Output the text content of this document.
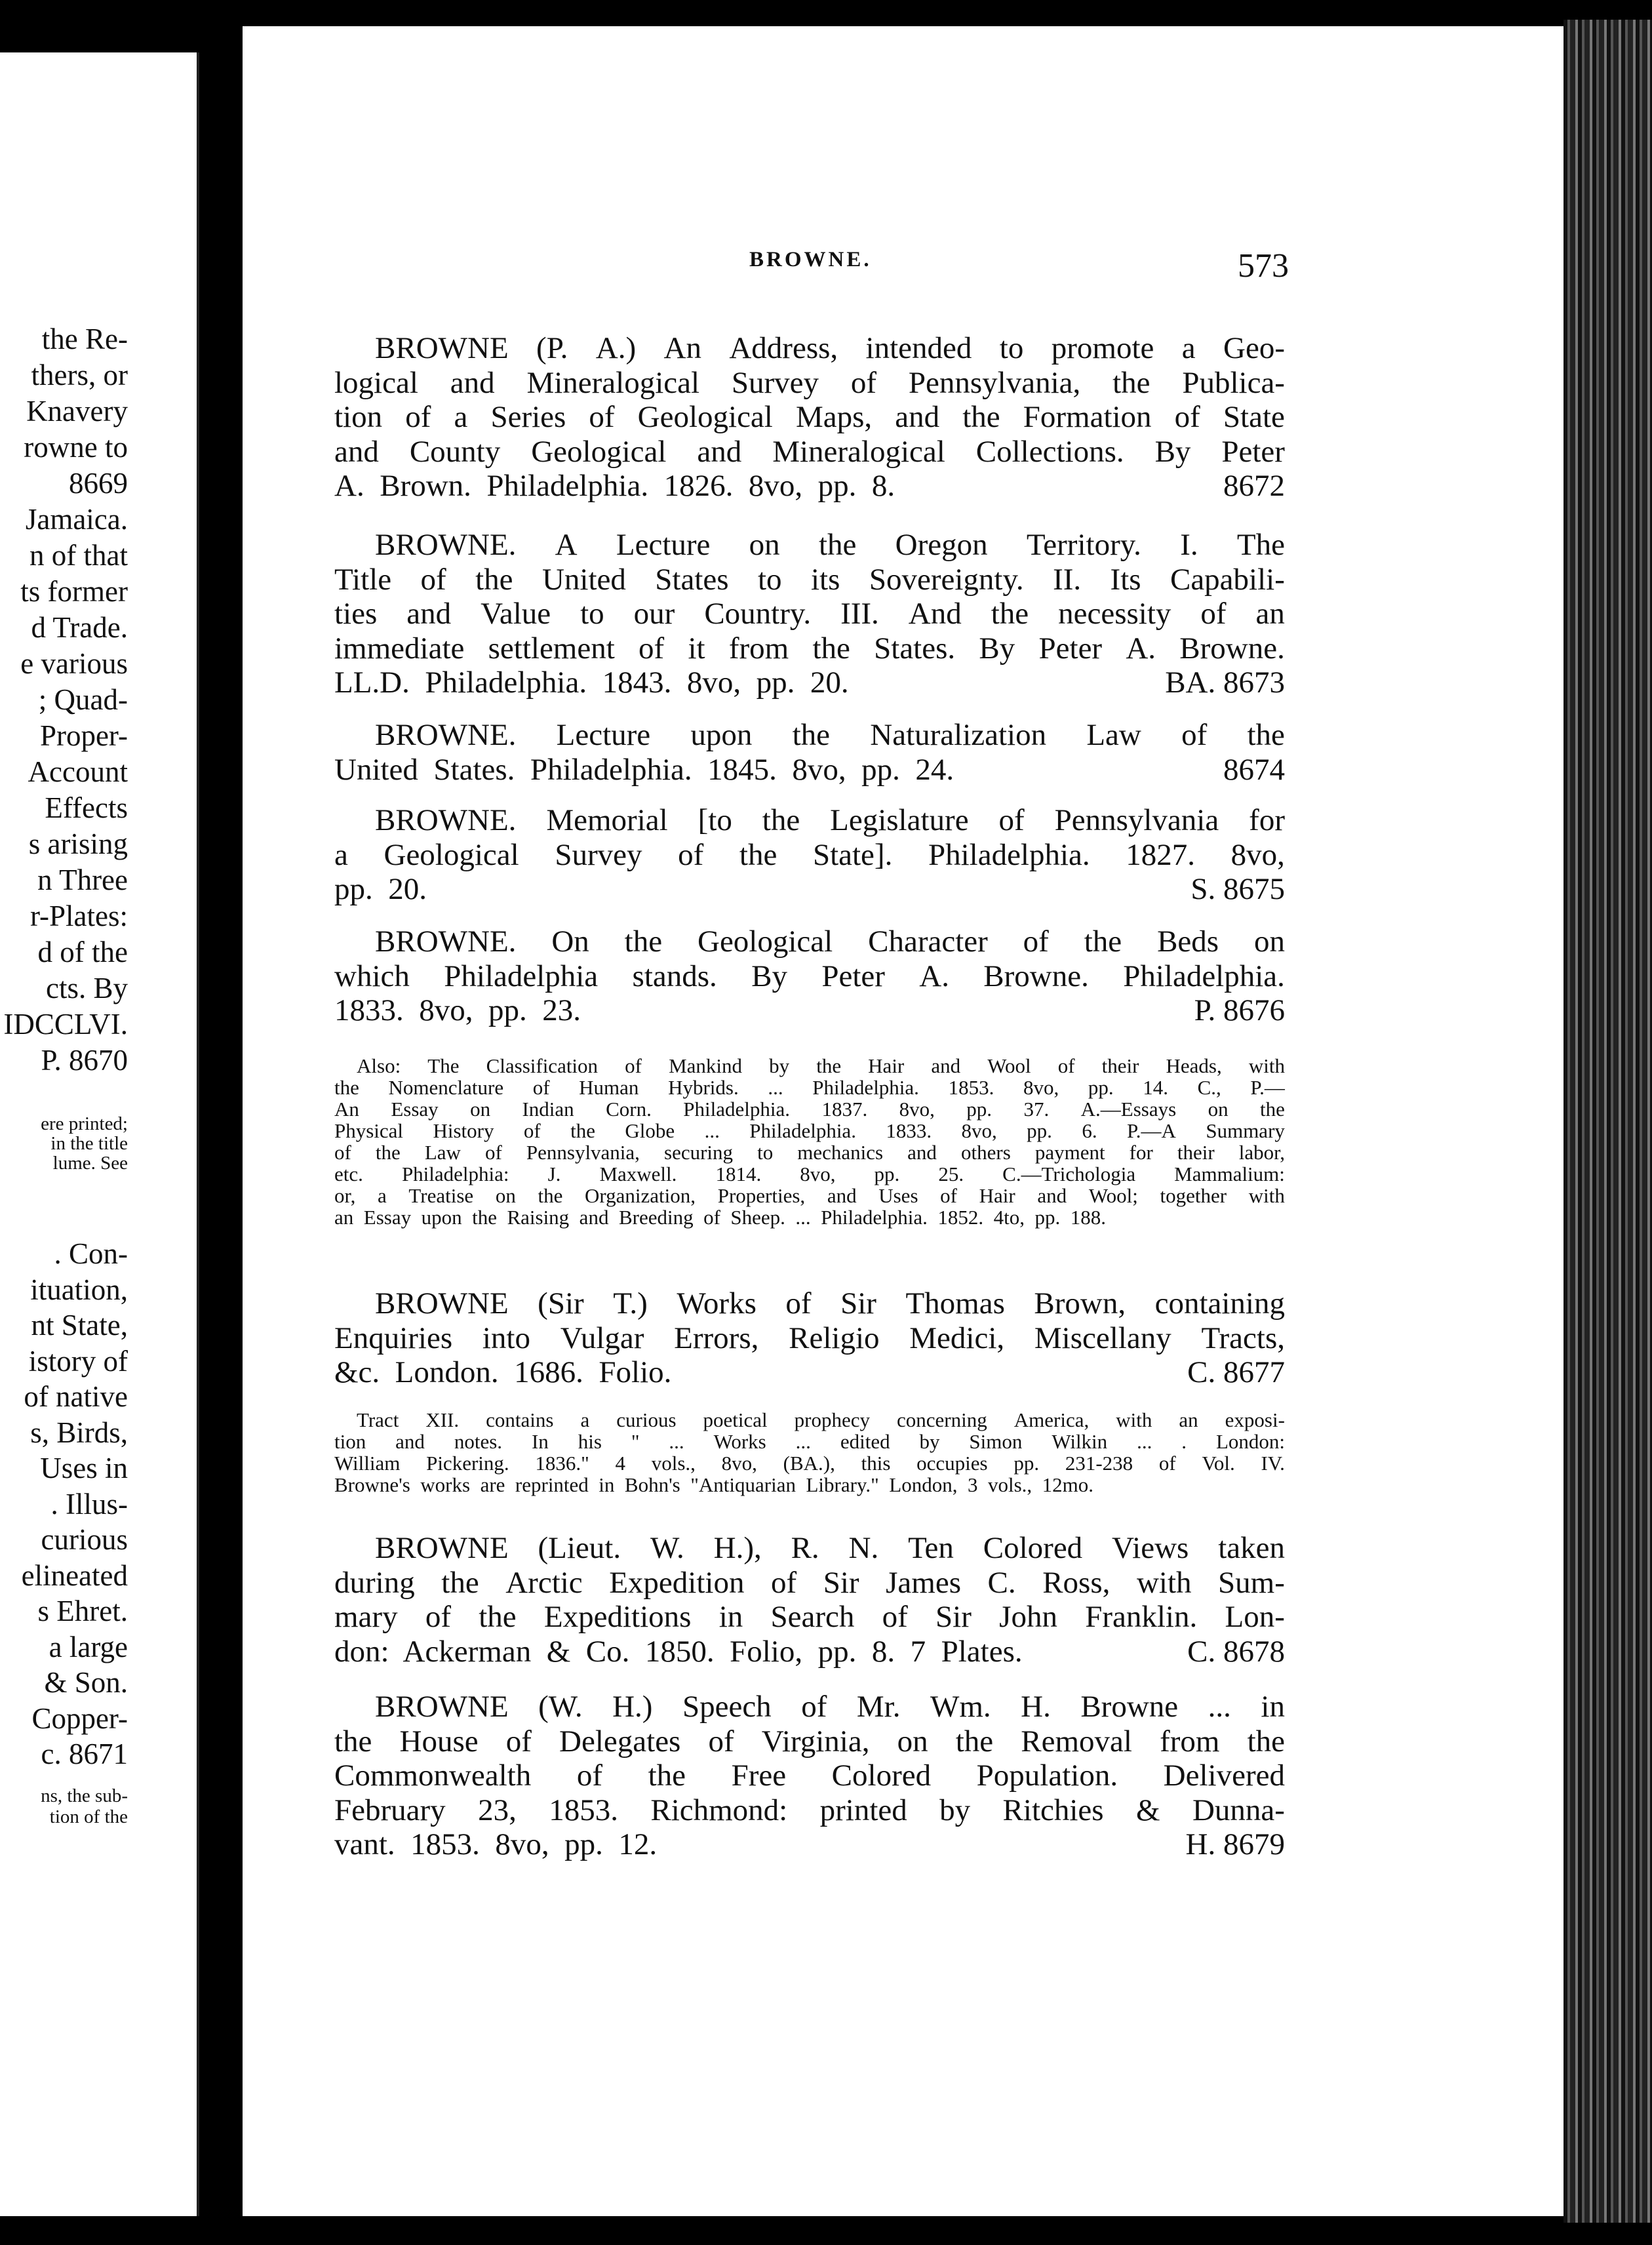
the Re-
thers, or
Knavery
rowne to
8669
Jamaica.
n of that
ts former
d Trade.
e various
; Quad-
Proper-
Account
Effects
s arising
n Three
r-Plates:
d of the
cts. By
IDCCLVI.
P. 8670
ere printed;
in the title
lume. See
. Con-
ituation,
nt State,
istory of
of native
s, Birds,
Uses in
. Illus-
curious
elineated
s Ehret.
a large
& Son.
Copper-
c. 8671
ns, the sub-
tion of the
BROWNE.	573
BROWNE (P. A.) An Address, intended to promote a Geo-
logical and Mineralogical Survey of Pennsylvania, the Publica-
tion of a Series of Geological Maps, and the Formation of State
and County Geological and Mineralogical Collections. By Peter
A.  Brown.  Philadelphia.  1826.  8vo,  pp.  8.	8672
BROWNE. A Lecture on the Oregon Territory. I. The
Title of the United States to its Sovereignty. II. Its Capabili-
ties and Value to our Country. III. And the necessity of an
immediate settlement of it from the States. By Peter A. Browne.
LL.D.  Philadelphia.  1843.  8vo,  pp.  20.	BA. 8673
BROWNE. Lecture upon the Naturalization Law of the
United  States.  Philadelphia.  1845.  8vo,  pp.  24.	8674
BROWNE. Memorial [to the Legislature of Pennsylvania for
a Geological Survey of the State]. Philadelphia. 1827. 8vo,
pp.  20.	S. 8675
BROWNE. On the Geological Character of the Beds on
which Philadelphia stands. By Peter A. Browne. Philadelphia.
1833.  8vo,  pp.  23.	P. 8676
Also: The Classification of Mankind by the Hair and Wool of their Heads, with
the Nomenclature of Human Hybrids. ... Philadelphia. 1853. 8vo, pp. 14. C., P.—
An Essay on Indian Corn. Philadelphia. 1837. 8vo, pp. 37. A.—Essays on the
Physical History of the Globe ... Philadelphia. 1833. 8vo, pp. 6. P.—A Summary
of the Law of Pennsylvania, securing to mechanics and others payment for their labor,
etc. Philadelphia: J. Maxwell. 1814. 8vo, pp. 25. C.—Trichologia Mammalium:
or, a Treatise on the Organization, Properties, and Uses of Hair and Wool; together with
an  Essay  upon  the  Raising  and  Breeding  of  Sheep.  ...  Philadelphia.  1852.  4to,  pp.  188.
BROWNE (Sir T.) Works of Sir Thomas Brown, containing
Enquiries into Vulgar Errors, Religio Medici, Miscellany Tracts,
&c.  London.  1686.  Folio.	C. 8677
Tract XII. contains a curious poetical prophecy concerning America, with an exposi-
tion and notes. In his " ... Works ... edited by Simon Wilkin ... . London:
William Pickering. 1836." 4 vols., 8vo, (BA.), this occupies pp. 231-238 of Vol. IV.
Browne's  works  are  reprinted  in  Bohn's  "Antiquarian  Library."  London,  3  vols.,  12mo.
BROWNE (Lieut. W. H.), R. N. Ten Colored Views taken
during the Arctic Expedition of Sir James C. Ross, with Sum-
mary of the Expeditions in Search of Sir John Franklin. Lon-
don:  Ackerman  &  Co.  1850.  Folio,  pp.  8.  7  Plates.	C. 8678
BROWNE (W. H.) Speech of Mr. Wm. H. Browne ... in
the House of Delegates of Virginia, on the Removal from the
Commonwealth of the Free Colored Population. Delivered
February 23, 1853. Richmond: printed by Ritchies & Dunna-
vant.  1853.  8vo,  pp.  12.	H. 8679
